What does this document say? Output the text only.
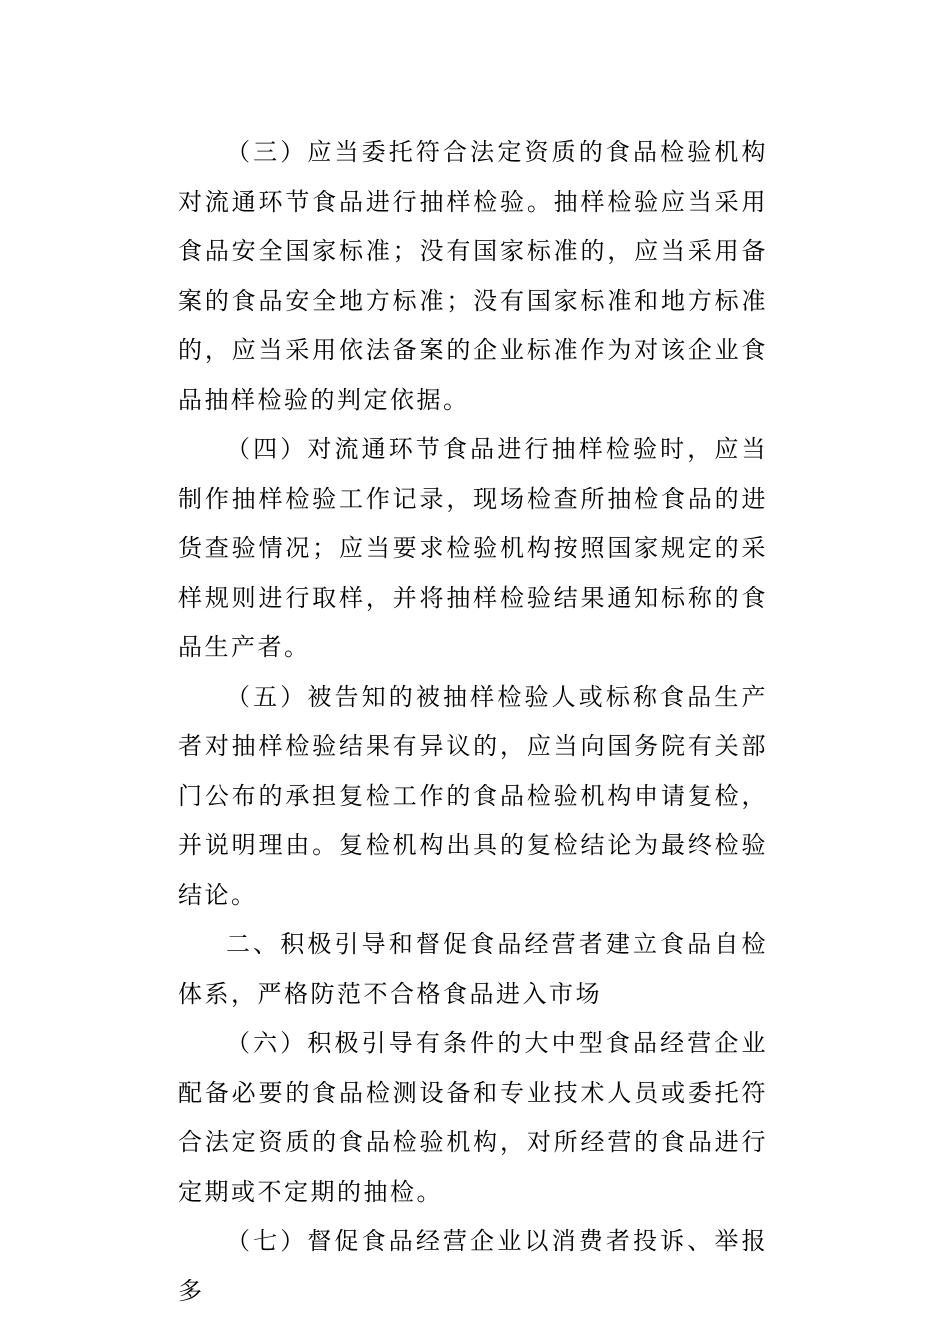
（三）应当委托符合法定资质的食品检验机构对流通环节食品进行抽样检验。抽样检验应当采用食品安全国家标准；没有国家标准的，应当采用备案的食品安全地方标准；没有国家标准和地方标准的，应当采用依法备案的企业标准作为对该企业食品抽样检验的判定依据。

（四）对流通环节食品进行抽样检验时，应当制作抽样检验工作记录，现场检查所抽检食品的进货查验情况；应当要求检验机构按照国家规定的采样规则进行取样，并将抽样检验结果通知标称的食品生产者。

（五）被告知的被抽样检验人或标称食品生产者对抽样检验结果有异议的，应当向国务院有关部门公布的承担复检工作的食品检验机构申请复检，并说明理由。复检机构出具的复检结论为最终检验结论。

二、积极引导和督促食品经营者建立食品自检体系，严格防范不合格食品进入市场

（六）积极引导有条件的大中型食品经营企业配备必要的食品检测设备和专业技术人员或委托符合法定资质的食品检验机构，对所经营的食品进行定期或不定期的抽检。

（七）督促食品经营企业以消费者投诉、举报多
